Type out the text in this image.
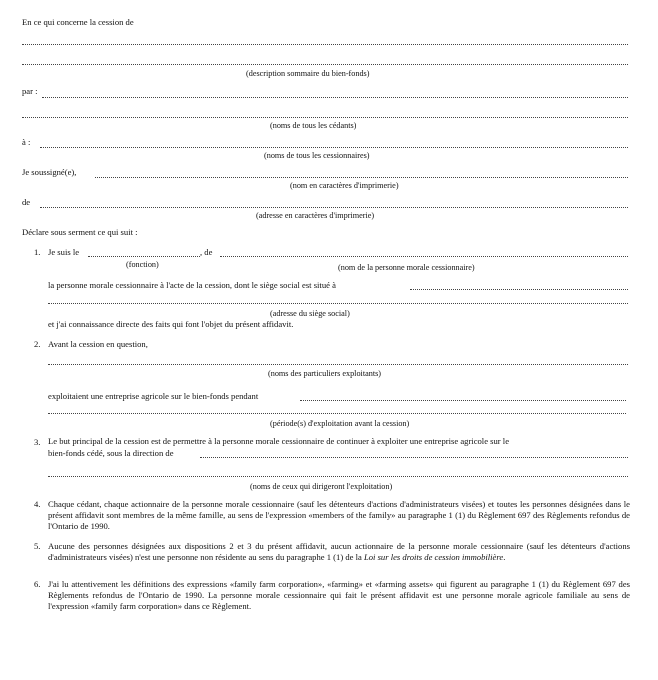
En ce qui concerne la cession de
(description sommaire du bien-fonds)
par :
(noms de tous les cédants)
à :
(noms de tous les cessionnaires)
Je soussigné(e),
(nom en caractères d'imprimerie)
de
(adresse en caractères d'imprimerie)
Déclare sous serment ce qui suit :
1. Je suis le	, de
(fonction)	(nom de la personne morale cessionnaire)
la personne morale cessionnaire à l'acte de la cession, dont le siège social est situé à
(adresse du siège social)
et j'ai connaissance directe des faits qui font l'objet du présent affidavit.
2. Avant la cession en question,
(noms des particuliers exploitants)
exploitaient une entreprise agricole sur le bien-fonds pendant
(période(s) d'exploitation avant la cession)
3. Le but principal de la cession est de permettre à la personne morale cessionnaire de continuer à exploiter une entreprise agricole sur le
bien-fonds cédé, sous la direction de
(noms de ceux qui dirigeront l'exploitation)
4. Chaque cédant, chaque actionnaire de la personne morale cessionnaire (sauf les détenteurs d'actions d'administrateurs visées) et toutes les personnes désignées dans le présent affidavit sont membres de la même famille, au sens de l'expression «members of the family» au paragraphe 1 (1) du Règlement 697 des Règlements refondus de l'Ontario de 1990.
5. Aucune des personnes désignées aux dispositions 2 et 3 du présent affidavit, aucun actionnaire de la personne morale cessionnaire (sauf les détenteurs d'actions d'administrateurs visées) n'est une personne non résidente au sens du paragraphe 1 (1) de la Loi sur les droits de cession immobilière.
6. J'ai lu attentivement les définitions des expressions «family farm corporation», «farming» et «farming assets» qui figurent au paragraphe 1 (1) du Règlement 697 des Règlements refondus de l'Ontario de 1990. La personne morale cessionnaire qui fait le présent affidavit est une personne morale agricole familiale au sens de l'expression «family farm corporation» dans ce Règlement.
